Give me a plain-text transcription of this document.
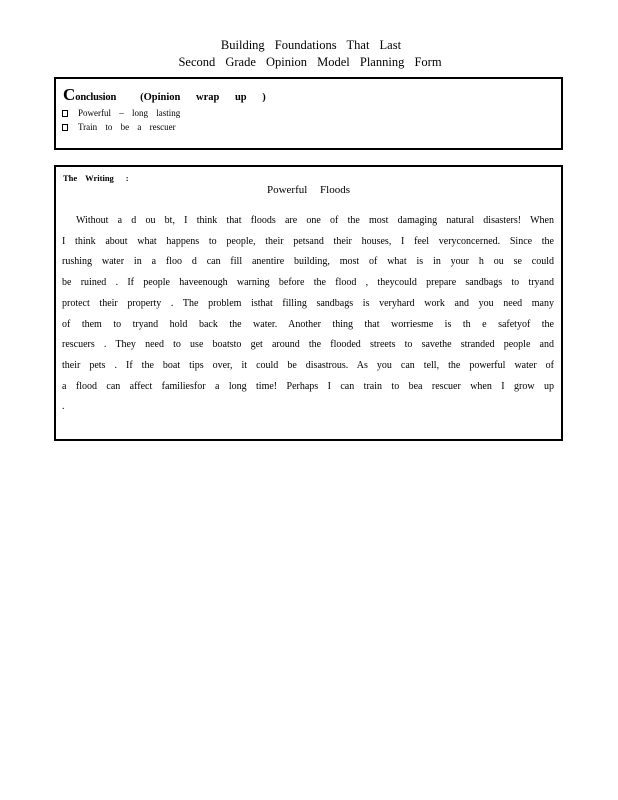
Building Foundations That Last
Second Grade Opinion Model Planning Form
Conclusion (Opinion wrap up )
Powerful – long lasting
Train to be a rescuer
The Writing :
Powerful Floods

Without a d ou bt, I think that floods are one of the most damaging natural disasters! When I think about what happens to people, their petsand their houses, I feel veryconcerned. Since the rushing water in a floo d can fill anentire building, most of what is in your h ou se could be ruined . If people haveenough warning before the flood , theycould prepare sandbags to tryand protect their property . The problem isthat filling sandbags is veryhard work and you need many of them to tryand hold back the water. Another thing that worriesme is th e safetyof the rescuers . They need to use boatsto get around the flooded streets to savethe stranded people and their pets . If the boat tips over, it could be disastrous. As you can tell, the powerful water of a flood can affect familiesfor a long time! Perhaps I can train to bea rescuer when I grow up .
